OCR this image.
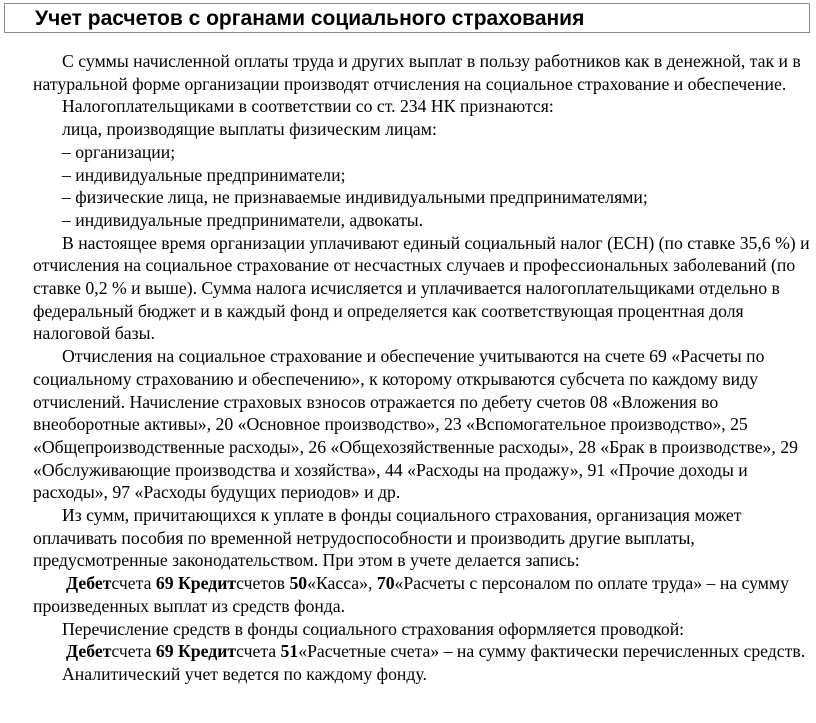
Учет расчетов с органами социального страхования

С суммы начисленной оплаты труда и других выплат в пользу работников как в денежной, так и в натуральной форме организации производят отчисления на социальное страхование и обеспечение.

Налогоплательщиками в соответствии со ст. 234 НК признаются:

лица, производящие выплаты физическим лицам:
– организации;
– индивидуальные предприниматели;
– физические лица, не признаваемые индивидуальными предпринимателями;
– индивидуальные предприниматели, адвокаты.

В настоящее время организации уплачивают единый социальный налог (ЕСН) (по ставке 35,6 %) и отчисления на социальное страхование от несчастных случаев и профессиональных заболеваний (по ставке 0,2 % и выше). Сумма налога исчисляется и уплачивается налогоплательщиками отдельно в федеральный бюджет и в каждый фонд и определяется как соответствующая процентная доля налоговой базы.

Отчисления на социальное страхование и обеспечение учитываются на счете 69 «Расчеты по социальному страхованию и обеспечению», к которому открываются субсчета по каждому виду отчислений. Начисление страховых взносов отражается по дебету счетов 08 «Вложения во внеоборотные активы», 20 «Основное производство», 23 «Вспомогательное производство», 25 «Общепроизводственные расходы», 26 «Общехозяйственные расходы», 28 «Брак в производстве», 29 «Обслуживающие производства и хозяйства», 44 «Расходы на продажу», 91 «Прочие доходы и расходы», 97 «Расходы будущих периодов» и др.

Из сумм, причитающихся к уплате в фонды социального страхования, организация может оплачивать пособия по временной нетрудоспособности и производить другие выплаты, предусмотренные законодательством. При этом в учете делается запись:

Дебетсчета 69 Кредитсчетов 50«Касса», 70«Расчеты с персоналом по оплате труда» – на сумму произведенных выплат из средств фонда.

Перечисление средств в фонды социального страхования оформляется проводкой:

Дебетсчета 69 Кредитсчета 51«Расчетные счета» – на сумму фактически перечисленных средств.

Аналитический учет ведется по каждому фонду.
